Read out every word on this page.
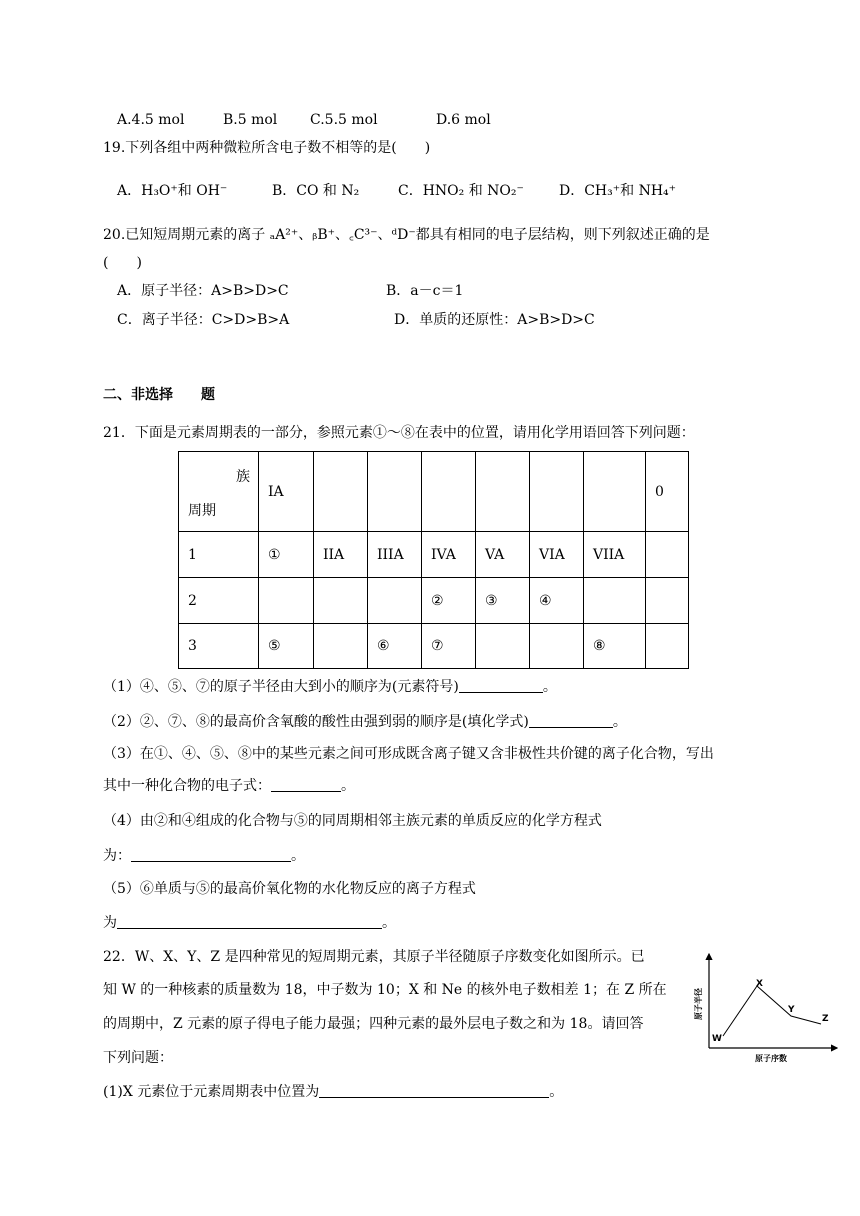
A.4.5 mol	B.5 mol C.5.5 mol	D.6 mol
19.下列各组中两种微粒所含电子数不相等的是(　　)
A．H₃O⁺和 OH⁻	B．CO 和 N₂	C．HNO₂ 和 NO₂⁻	D．CH₃⁺和 NH₄⁺
20.已知短周期元素的离子 ₐA²⁺、ᵦB⁺、꜀C³⁻、ᵈD⁻都具有相同的电子层结构，则下列叙述正确的是
(　　)
A．原子半径：A>B>D>C	B．a－c＝1
C．离子半径：C>D>B>A	D．单质的还原性：A>B>D>C
二、非选择　　题
21．下面是元素周期表的一部分，参照元素①～⑧在表中的位置，请用化学用语回答下列问题：
族
周期	IA							0
1	①	IIA	IIIA	IVA	VA	VIA	VIIA	
2				②	③	④		
3	⑤		⑥	⑦			⑧	
（1）④、⑤、⑦的原子半径由大到小的顺序为(元素符号)	。
（2）②、⑦、⑧的最高价含氧酸的酸性由强到弱的顺序是(填化学式)	。
（3）在①、④、⑤、⑧中的某些元素之间可形成既含离子键又含非极性共价键的离子化合物，写出
其中一种化合物的电子式：	。
（4）由②和④组成的化合物与⑤的同周期相邻主族元素的单质反应的化学方程式
为：	。
（5）⑥单质与⑤的最高价氧化物的水化物反应的离子方程式
为	。
22．W、X、Y、Z 是四种常见的短周期元素，其原子半径随原子序数变化如图所示。已
知 W 的一种核素的质量数为 18，中子数为 10；X 和 Ne 的核外电子数相差 1；在 Z 所在
的周期中，Z 元素的原子得电子能力最强；四种元素的最外层电子数之和为 18。请回答
下列问题：
(1)X 元素位于元素周期表中位置为	。
原子半径
原子序数
W
X
Y
Z
